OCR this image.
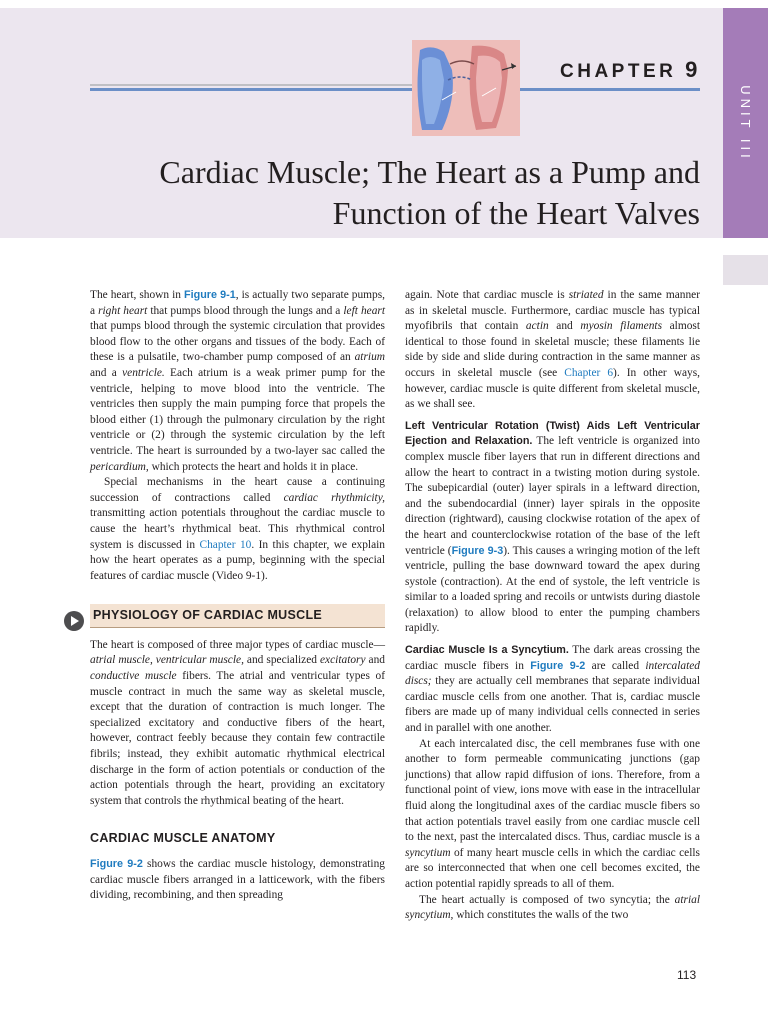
UNIT III
CHAPTER 9
Cardiac Muscle; The Heart as a Pump and
Function of the Heart Valves

The heart, shown in Figure 9-1, is actually two separate pumps, a right heart that pumps blood through the lungs and a left heart that pumps blood through the systemic circulation that provides blood flow to the other organs and tissues of the body. Each of these is a pulsatile, two-chamber pump composed of an atrium and a ventricle. Each atrium is a weak primer pump for the ventricle, helping to move blood into the ventricle. The ventricles then supply the main pumping force that propels the blood either (1) through the pulmonary circulation by the right ventricle or (2) through the systemic circulation by the left ventricle. The heart is surrounded by a two-layer sac called the pericardium, which protects the heart and holds it in place.

Special mechanisms in the heart cause a continuing succession of contractions called cardiac rhythmicity, transmitting action potentials throughout the cardiac muscle to cause the heart’s rhythmical beat. This rhythmical control system is discussed in Chapter 10. In this chapter, we explain how the heart operates as a pump, beginning with the special features of cardiac muscle (Video 9-1).

PHYSIOLOGY OF CARDIAC MUSCLE

The heart is composed of three major types of cardiac muscle—atrial muscle, ventricular muscle, and specialized excitatory and conductive muscle fibers. The atrial and ventricular types of muscle contract in much the same way as skeletal muscle, except that the duration of contraction is much longer. The specialized excitatory and conductive fibers of the heart, however, contract feebly because they contain few contractile fibrils; instead, they exhibit automatic rhythmical electrical discharge in the form of action potentials or conduction of the action potentials through the heart, providing an excitatory system that controls the rhythmical beating of the heart.

CARDIAC MUSCLE ANATOMY

Figure 9-2 shows the cardiac muscle histology, demonstrating cardiac muscle fibers arranged in a latticework, with the fibers dividing, recombining, and then spreading

again. Note that cardiac muscle is striated in the same manner as in skeletal muscle. Furthermore, cardiac muscle has typical myofibrils that contain actin and myosin filaments almost identical to those found in skeletal muscle; these filaments lie side by side and slide during contraction in the same manner as occurs in skeletal muscle (see Chapter 6). In other ways, however, cardiac muscle is quite different from skeletal muscle, as we shall see.

Left Ventricular Rotation (Twist) Aids Left Ventricular Ejection and Relaxation. The left ventricle is organized into complex muscle fiber layers that run in different directions and allow the heart to contract in a twisting motion during systole. The subepicardial (outer) layer spirals in a leftward direction, and the subendocardial (inner) layer spirals in the opposite direction (rightward), causing clockwise rotation of the apex of the heart and counterclockwise rotation of the base of the left ventricle (Figure 9-3). This causes a wringing motion of the left ventricle, pulling the base downward toward the apex during systole (contraction). At the end of systole, the left ventricle is similar to a loaded spring and recoils or untwists during diastole (relaxation) to allow blood to enter the pumping chambers rapidly.

Cardiac Muscle Is a Syncytium. The dark areas crossing the cardiac muscle fibers in Figure 9-2 are called intercalated discs; they are actually cell membranes that separate individual cardiac muscle cells from one another. That is, cardiac muscle fibers are made up of many individual cells connected in series and in parallel with one another.

At each intercalated disc, the cell membranes fuse with one another to form permeable communicating junctions (gap junctions) that allow rapid diffusion of ions. Therefore, from a functional point of view, ions move with ease in the intracellular fluid along the longitudinal axes of the cardiac muscle fibers so that action potentials travel easily from one cardiac muscle cell to the next, past the intercalated discs. Thus, cardiac muscle is a syncytium of many heart muscle cells in which the cardiac cells are so interconnected that when one cell becomes excited, the action potential rapidly spreads to all of them.

The heart actually is composed of two syncytia; the atrial syncytium, which constitutes the walls of the two

113
